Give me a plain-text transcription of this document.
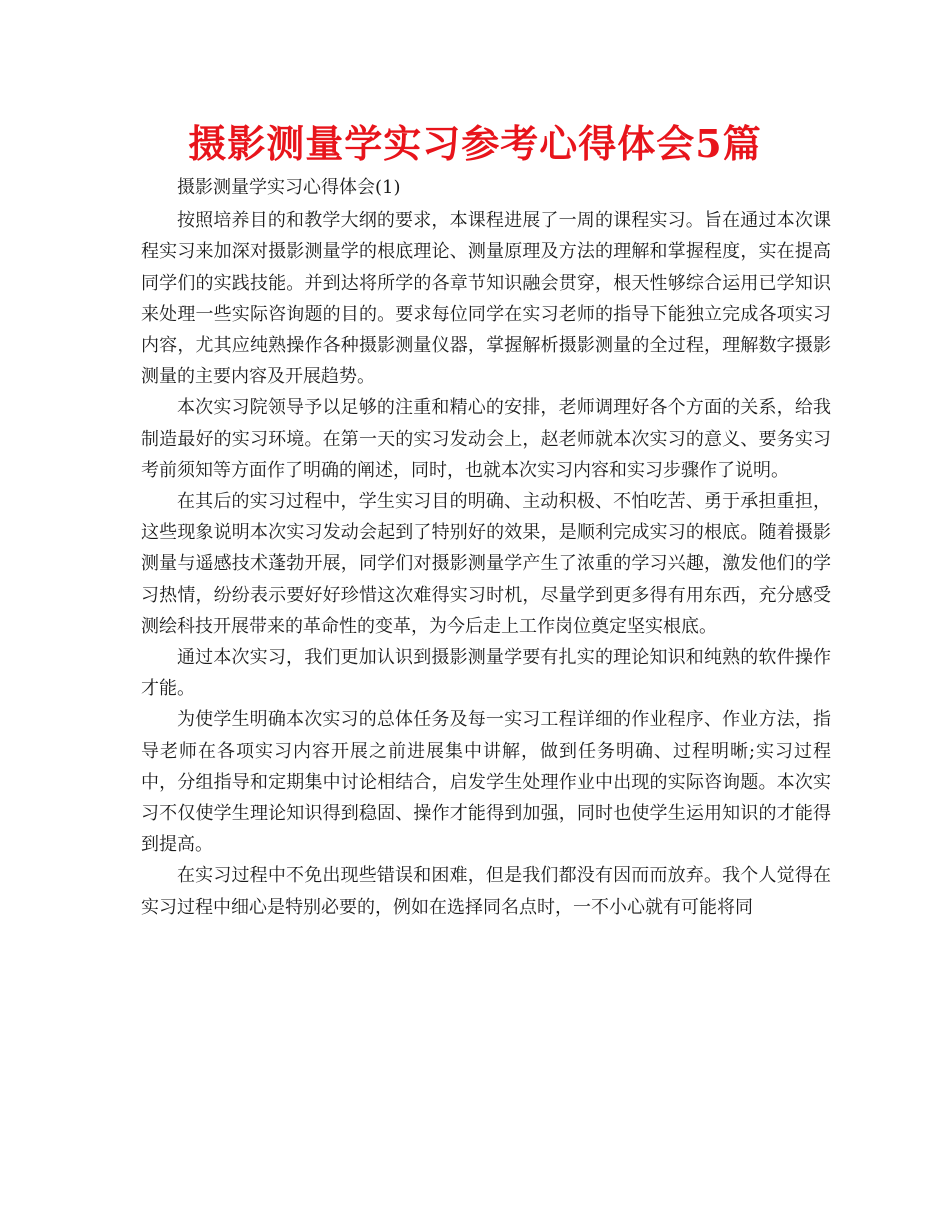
摄影测量学实习参考心得体会5篇

摄影测量学实习心得体会(1)

按照培养目的和教学大纲的要求，本课程进展了一周的课程实习。旨在通过本次课程实习来加深对摄影测量学的根底理论、测量原理及方法的理解和掌握程度，实在提高同学们的实践技能。并到达将所学的各章节知识融会贯穿，根天性够综合运用已学知识来处理一些实际咨询题的目的。要求每位同学在实习老师的指导下能独立完成各项实习内容，尤其应纯熟操作各种摄影测量仪器，掌握解析摄影测量的全过程，理解数字摄影测量的主要内容及开展趋势。

本次实习院领导予以足够的注重和精心的安排，老师调理好各个方面的关系，给我制造最好的实习环境。在第一天的实习发动会上，赵老师就本次实习的意义、要务实习考前须知等方面作了明确的阐述，同时，也就本次实习内容和实习步骤作了说明。

在其后的实习过程中，学生实习目的明确、主动积极、不怕吃苦、勇于承担重担，这些现象说明本次实习发动会起到了特别好的效果，是顺利完成实习的根底。随着摄影测量与遥感技术蓬勃开展，同学们对摄影测量学产生了浓重的学习兴趣，激发他们的学习热情，纷纷表示要好好珍惜这次难得实习时机，尽量学到更多得有用东西，充分感受测绘科技开展带来的革命性的变革，为今后走上工作岗位奠定坚实根底。

通过本次实习，我们更加认识到摄影测量学要有扎实的理论知识和纯熟的软件操作才能。

为使学生明确本次实习的总体任务及每一实习工程详细的作业程序、作业方法，指导老师在各项实习内容开展之前进展集中讲解，做到任务明确、过程明晰;实习过程中，分组指导和定期集中讨论相结合，启发学生处理作业中出现的实际咨询题。本次实习不仅使学生理论知识得到稳固、操作才能得到加强，同时也使学生运用知识的才能得到提高。

在实习过程中不免出现些错误和困难，但是我们都没有因而而放弃。我个人觉得在实习过程中细心是特别必要的，例如在选择同名点时，一不小心就有可能将同
